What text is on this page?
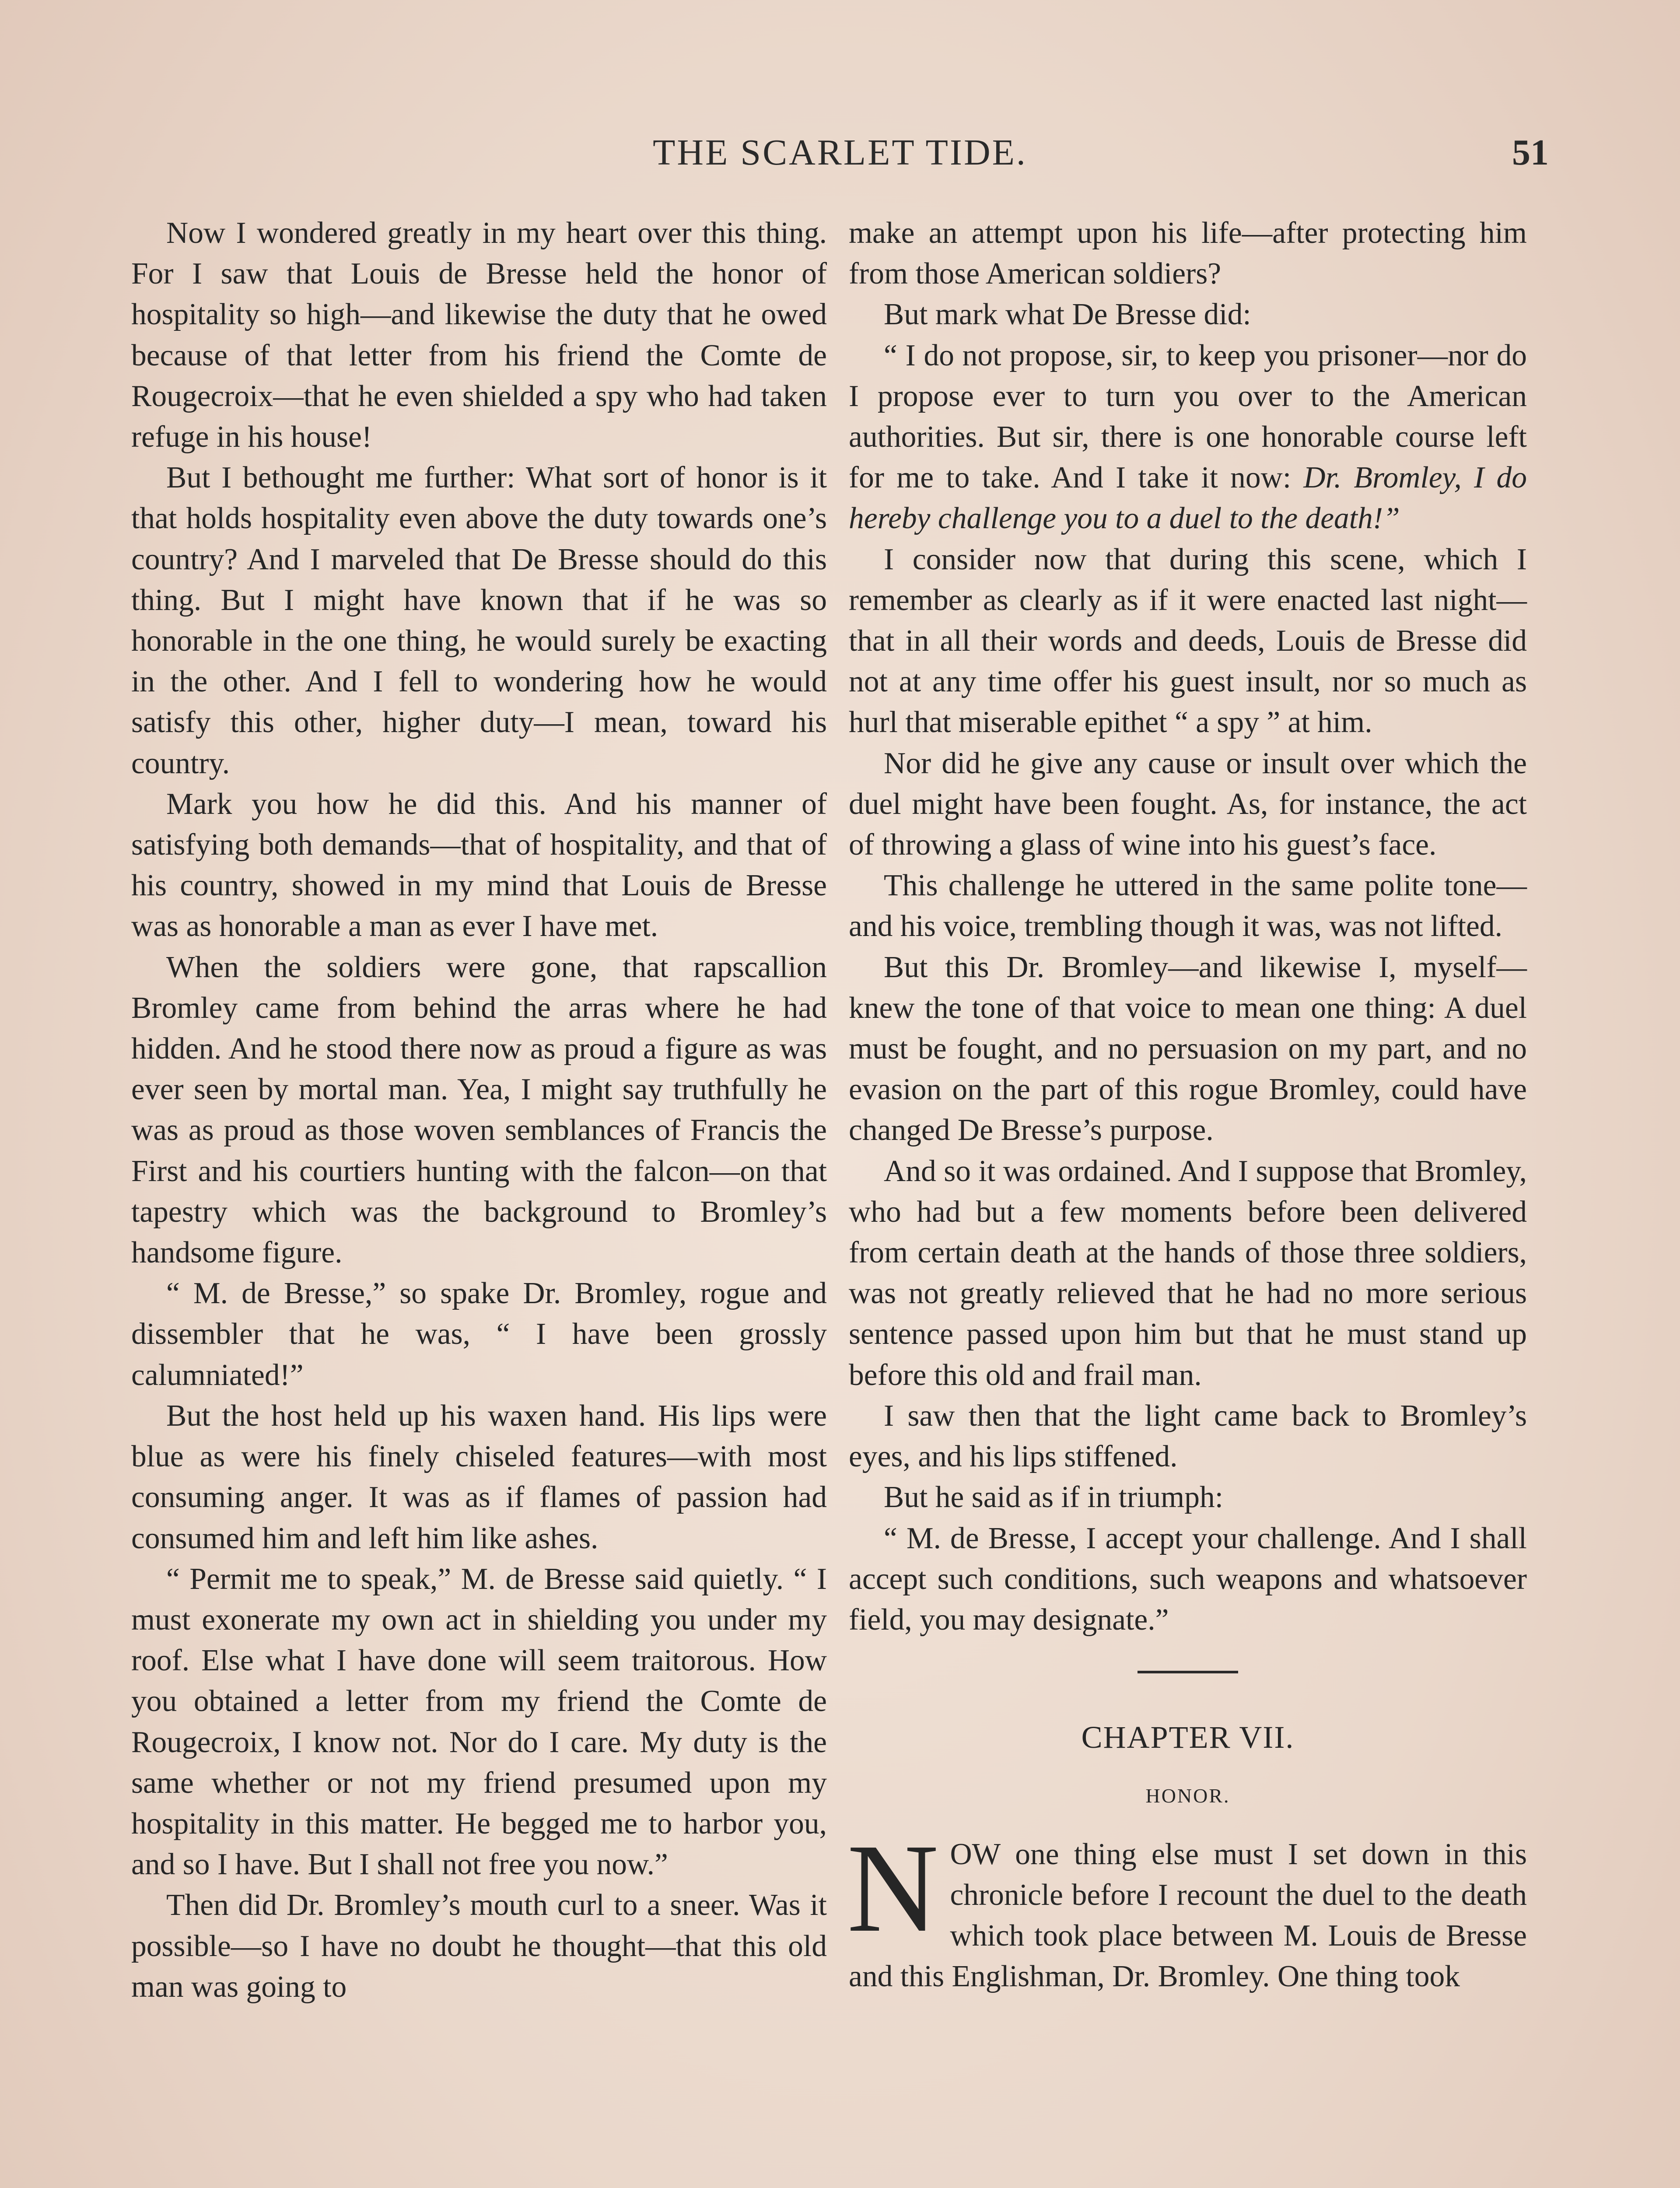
THE SCARLET TIDE.	51

Now I wondered greatly in my heart over this thing. For I saw that Louis de Bresse held the honor of hospitality so high—and likewise the duty that he owed because of that letter from his friend the Comte de Rougecroix—that he even shielded a spy who had taken refuge in his house!

But I bethought me further: What sort of honor is it that holds hospitality even above the duty towards one’s country? And I marveled that De Bresse should do this thing. But I might have known that if he was so honorable in the one thing, he would surely be exacting in the other. And I fell to wondering how he would satisfy this other, higher duty—I mean, toward his country.

Mark you how he did this. And his manner of satisfying both demands—that of hospitality, and that of his country, showed in my mind that Louis de Bresse was as honorable a man as ever I have met.

When the soldiers were gone, that rapscallion Bromley came from behind the arras where he had hidden. And he stood there now as proud a figure as was ever seen by mortal man. Yea, I might say truthfully he was as proud as those woven semblances of Francis the First and his courtiers hunting with the falcon—on that tapestry which was the background to Bromley’s handsome figure.

“ M. de Bresse,” so spake Dr. Bromley, rogue and dissembler that he was, “ I have been grossly calumniated!”

But the host held up his waxen hand. His lips were blue as were his finely chiseled features—with most consuming anger. It was as if flames of passion had consumed him and left him like ashes.

“ Permit me to speak,” M. de Bresse said quietly. “ I must exonerate my own act in shielding you under my roof. Else what I have done will seem traitorous. How you obtained a letter from my friend the Comte de Rougecroix, I know not. Nor do I care. My duty is the same whether or not my friend presumed upon my hospitality in this matter. He begged me to harbor you, and so I have. But I shall not free you now.”

Then did Dr. Bromley’s mouth curl to a sneer. Was it possible—so I have no doubt he thought—that this old man was going to

make an attempt upon his life—after protecting him from those American soldiers?

But mark what De Bresse did:

“ I do not propose, sir, to keep you prisoner—nor do I propose ever to turn you over to the American authorities. But sir, there is one honorable course left for me to take. And I take it now: Dr. Bromley, I do hereby challenge you to a duel to the death!”

I consider now that during this scene, which I remember as clearly as if it were enacted last night—that in all their words and deeds, Louis de Bresse did not at any time offer his guest insult, nor so much as hurl that miserable epithet “ a spy ” at him.

Nor did he give any cause or insult over which the duel might have been fought. As, for instance, the act of throwing a glass of wine into his guest’s face.

This challenge he uttered in the same polite tone—and his voice, trembling though it was, was not lifted.

But this Dr. Bromley—and likewise I, myself—knew the tone of that voice to mean one thing: A duel must be fought, and no persuasion on my part, and no evasion on the part of this rogue Bromley, could have changed De Bresse’s purpose.

And so it was ordained. And I suppose that Bromley, who had but a few moments before been delivered from certain death at the hands of those three soldiers, was not greatly relieved that he had no more serious sentence passed upon him but that he must stand up before this old and frail man.

I saw then that the light came back to Bromley’s eyes, and his lips stiffened.

But he said as if in triumph:

“ M. de Bresse, I accept your challenge. And I shall accept such conditions, such weapons and whatsoever field, you may designate.”

CHAPTER VII.
HONOR.

NOW one thing else must I set down in this chronicle before I recount the duel to the death which took place between M. Louis de Bresse and this Englishman, Dr. Bromley. One thing took
